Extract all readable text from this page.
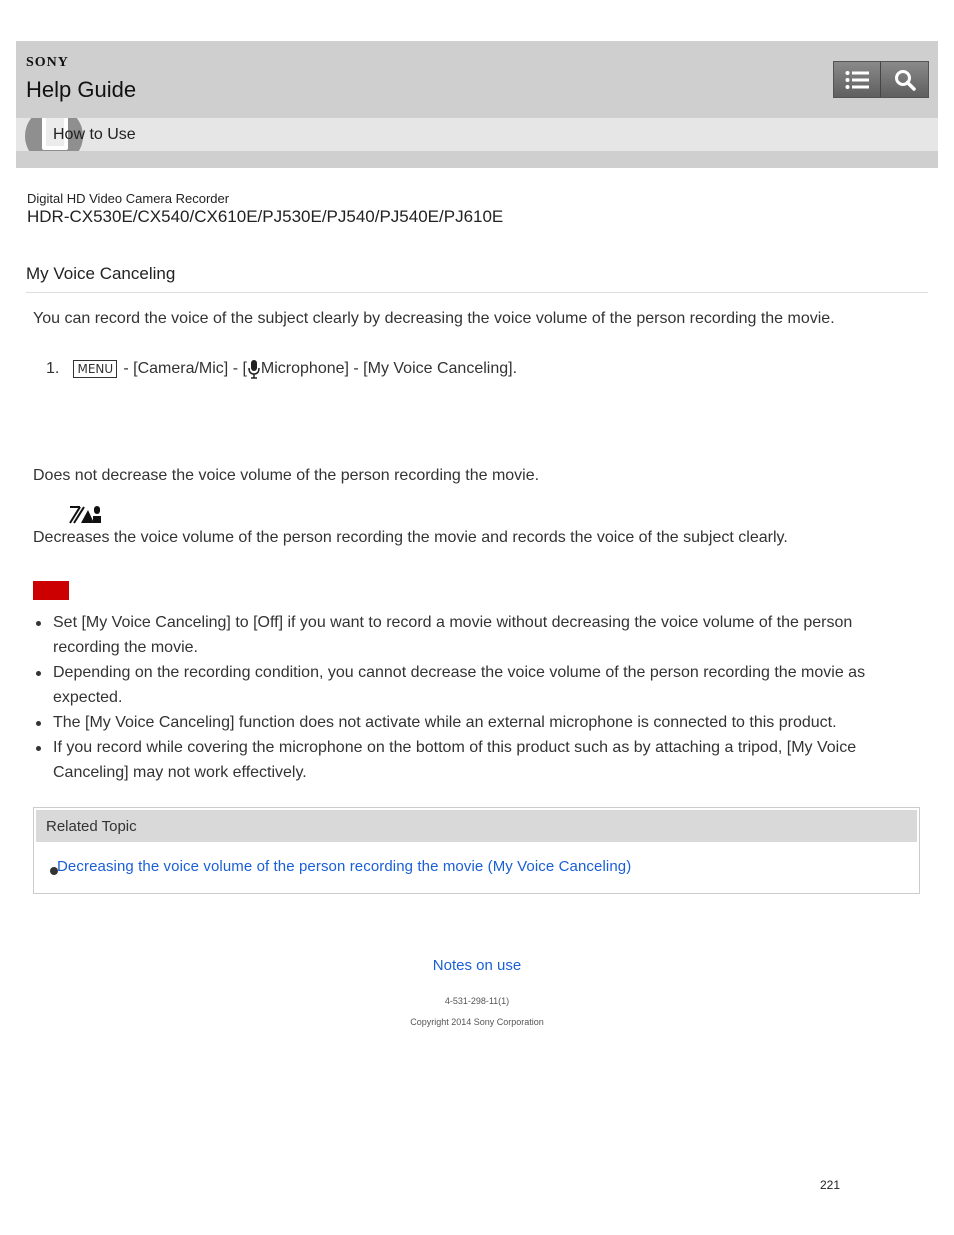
SONY
Help Guide
How to Use
Digital HD Video Camera Recorder
HDR-CX530E/CX540/CX610E/PJ530E/PJ540/PJ540E/PJ610E
My Voice Canceling
You can record the voice of the subject clearly by decreasing the voice volume of the person recording the movie.
1.	MENU - [Camera/Mic] - [ Microphone] - [My Voice Canceling].
Does not decrease the voice volume of the person recording the movie.
Decreases the voice volume of the person recording the movie and records the voice of the subject clearly.
Set [My Voice Canceling] to [Off] if you want to record a movie without decreasing the voice volume of the person recording the movie.
Depending on the recording condition, you cannot decrease the voice volume of the person recording the movie as expected.
The [My Voice Canceling] function does not activate while an external microphone is connected to this product.
If you record while covering the microphone on the bottom of this product such as by attaching a tripod, [My Voice Canceling] may not work effectively.
Related Topic
Decreasing the voice volume of the person recording the movie (My Voice Canceling)
Notes on use
4-531-298-11(1)
Copyright 2014 Sony Corporation
221
